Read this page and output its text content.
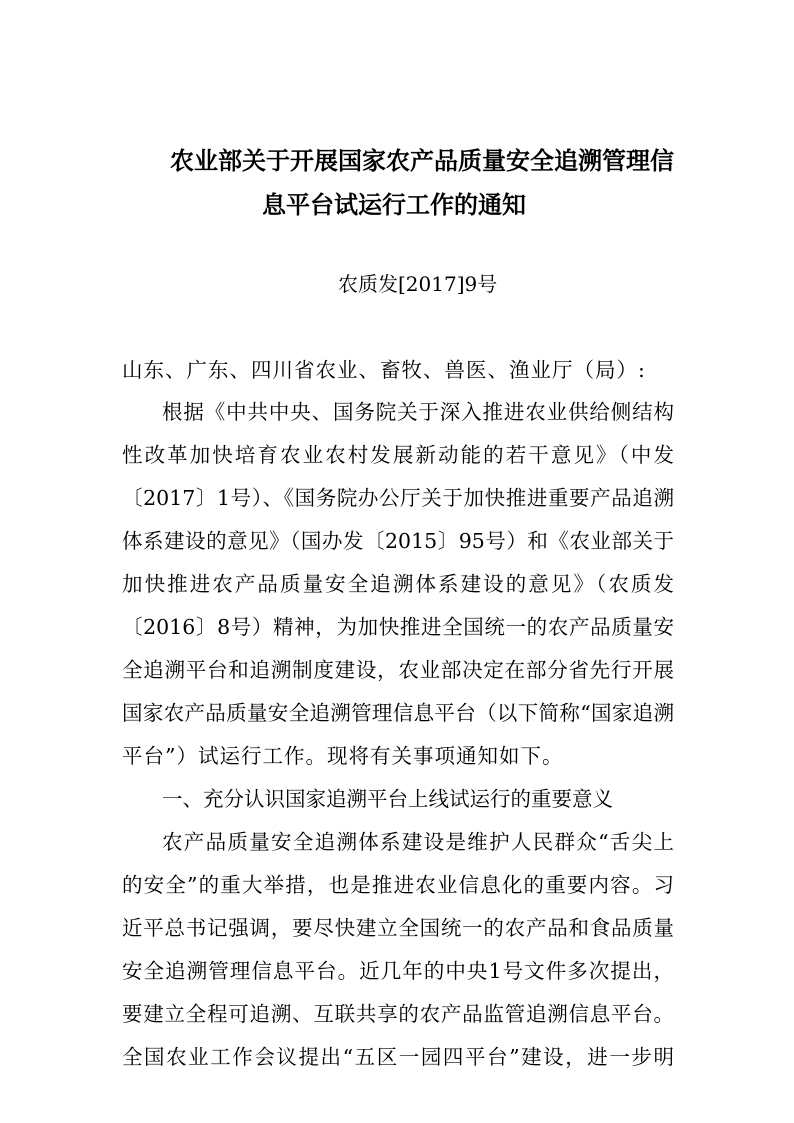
农业部关于开展国家农产品质量安全追溯管理信
息平台试运行工作的通知
农质发[2017]9号
山东、广东、四川省农业、畜牧、兽医、渔业厅（局）:
根据《中共中央、国务院关于深入推进农业供给侧结构
性改革加快培育农业农村发展新动能的若干意见》（中发
〔2017〕1号）、《国务院办公厅关于加快推进重要产品追溯
体系建设的意见》（国办发〔2015〕95号）和《农业部关于
加快推进农产品质量安全追溯体系建设的意见》（农质发
〔2016〕8号）精神，为加快推进全国统一的农产品质量安
全追溯平台和追溯制度建设，农业部决定在部分省先行开展
国家农产品质量安全追溯管理信息平台（以下简称“国家追溯
平台”）试运行工作。现将有关事项通知如下。
一、充分认识国家追溯平台上线试运行的重要意义
农产品质量安全追溯体系建设是维护人民群众“舌尖上
的安全”的重大举措，也是推进农业信息化的重要内容。习
近平总书记强调，要尽快建立全国统一的农产品和食品质量
安全追溯管理信息平台。近几年的中央1号文件多次提出，
要建立全程可追溯、互联共享的农产品监管追溯信息平台。
全国农业工作会议提出“五区一园四平台”建设，进一步明
